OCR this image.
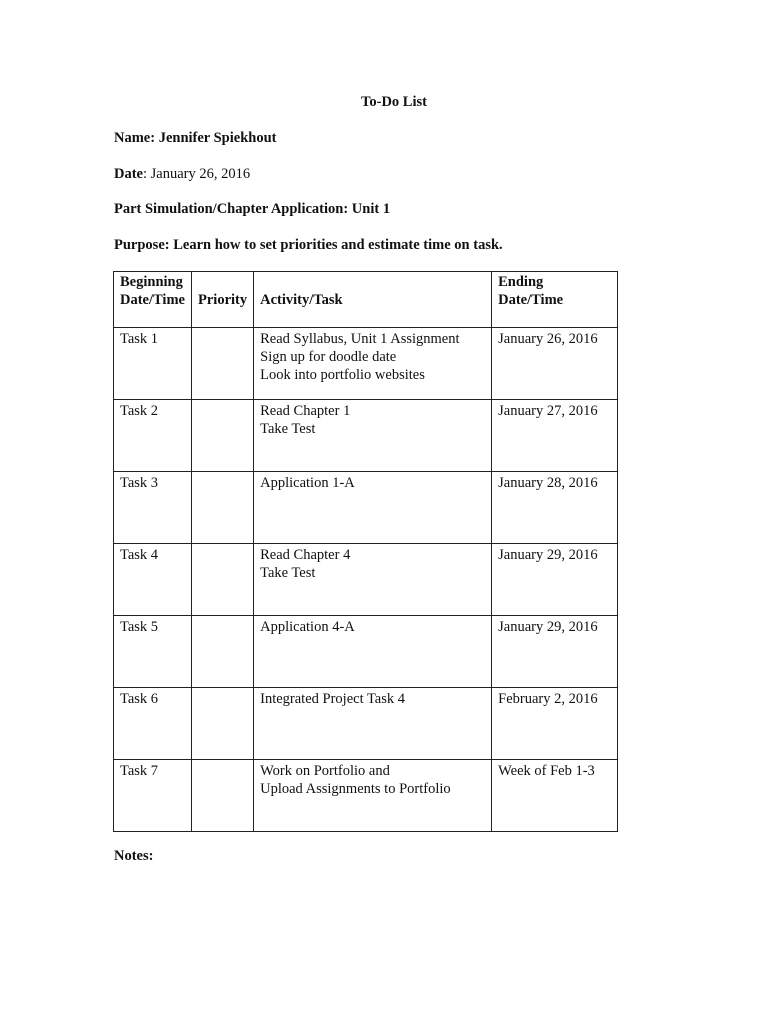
To-Do List
Name: Jennifer Spiekhout
Date: January 26, 2016
Part Simulation/Chapter Application: Unit 1
Purpose: Learn how to set priorities and estimate time on task.
Beginning
Date/Time	Priority	Activity/Task	Ending Date/Time
Task 1		Read Syllabus, Unit 1 Assignment
Sign up for doodle date
Look into portfolio websites	January 26, 2016
Task 2		Read Chapter 1
Take Test	January 27, 2016
Task 3		Application 1-A	January 28, 2016
Task 4		Read Chapter 4
Take Test	January 29, 2016
Task 5		Application 4-A	January 29, 2016
Task 6		Integrated Project Task 4	February 2, 2016
Task 7		Work on Portfolio and
Upload Assignments to Portfolio	Week of Feb 1-3
Notes:
